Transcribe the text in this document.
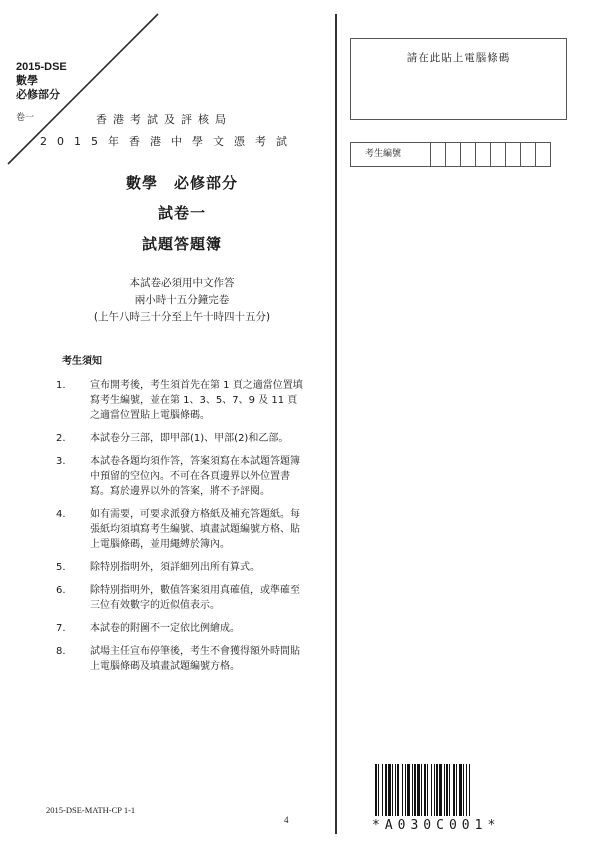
2015-DSE
數學
必修部分
卷一	香港考試及評核局
2015年香港中學文憑考試
數學　必修部分
試卷一
試題答題簿
本試卷必須用中文作答
兩小時十五分鐘完卷
(上午八時三十分至上午十時四十五分)
考生須知
1. 宣布開考後，考生須首先在第 1 頁之適當位置填寫考生編號，並在第 1、3、5、7、9 及 11 頁之適當位置貼上電腦條碼。
2. 本試卷分三部，即甲部(1)、甲部(2)和乙部。
3. 本試卷各題均須作答，答案須寫在本試題答題簿中預留的空位內。不可在各頁邊界以外位置書寫。寫於邊界以外的答案，將不予評閱。
4. 如有需要，可要求派發方格紙及補充答題紙。每張紙均須填寫考生編號、填畫試題編號方格、貼上電腦條碼，並用繩縛於簿內。
5. 除特別指明外，須詳細列出所有算式。
6. 除特別指明外，數值答案須用真確值，或準確至三位有效數字的近似值表示。
7. 本試卷的附圖不一定依比例繪成。
8. 試場主任宣布停筆後，考生不會獲得額外時間貼上電腦條碼及填畫試題編號方格。
請在此貼上電腦條碼
考生編號
*A030C001*
2015-DSE-MATH-CP 1-1
4
